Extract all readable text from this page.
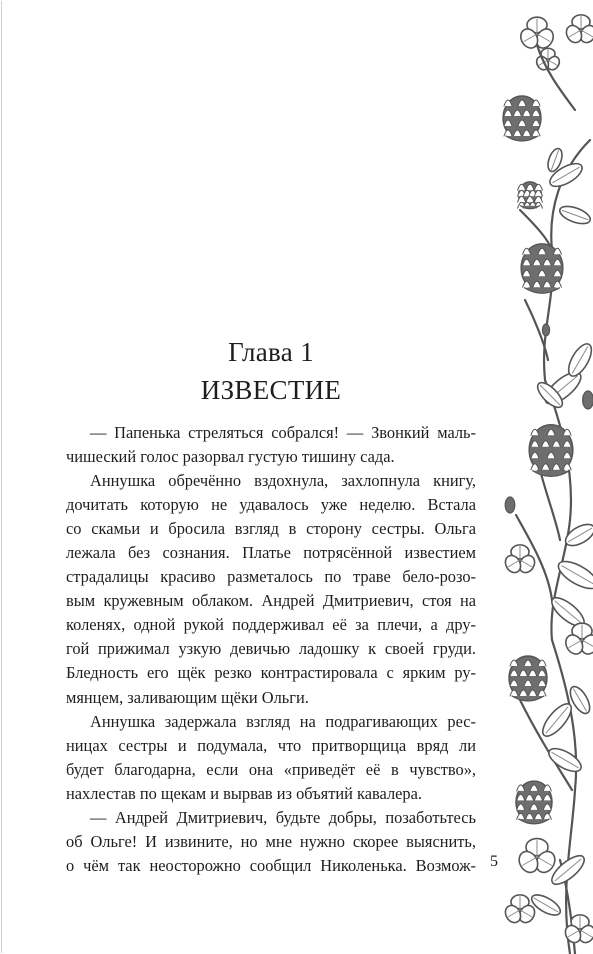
Глава 1
ИЗВЕСТИЕ
— Папенька стреляться собрался! — Звонкий маль-
чишеский голос разорвал густую тишину сада.
Аннушка обречённо вздохнула, захлопнула книгу,
дочитать которую не удавалось уже неделю. Встала
со скамьи и бросила взгляд в сторону сестры. Ольга
лежала без сознания. Платье потрясённой известием
страдалицы красиво разметалось по траве бело-розо-
вым кружевным облаком. Андрей Дмитриевич, стоя на
коленях, одной рукой поддерживал её за плечи, а дру-
гой прижимал узкую девичью ладошку к своей груди.
Бледность его щёк резко контрастировала с ярким ру-
мянцем, заливающим щёки Ольги.
Аннушка задержала взгляд на подрагивающих рес-
ницах сестры и подумала, что притворщица вряд ли
будет благодарна, если она «приведёт её в чувство»,
нахлестав по щекам и вырвав из объятий кавалера.
— Андрей Дмитриевич, будьте добры, позаботьтесь
об Ольге! И извините, но мне нужно скорее выяснить,
о чём так неосторожно сообщил Николенька. Возмож- 5
